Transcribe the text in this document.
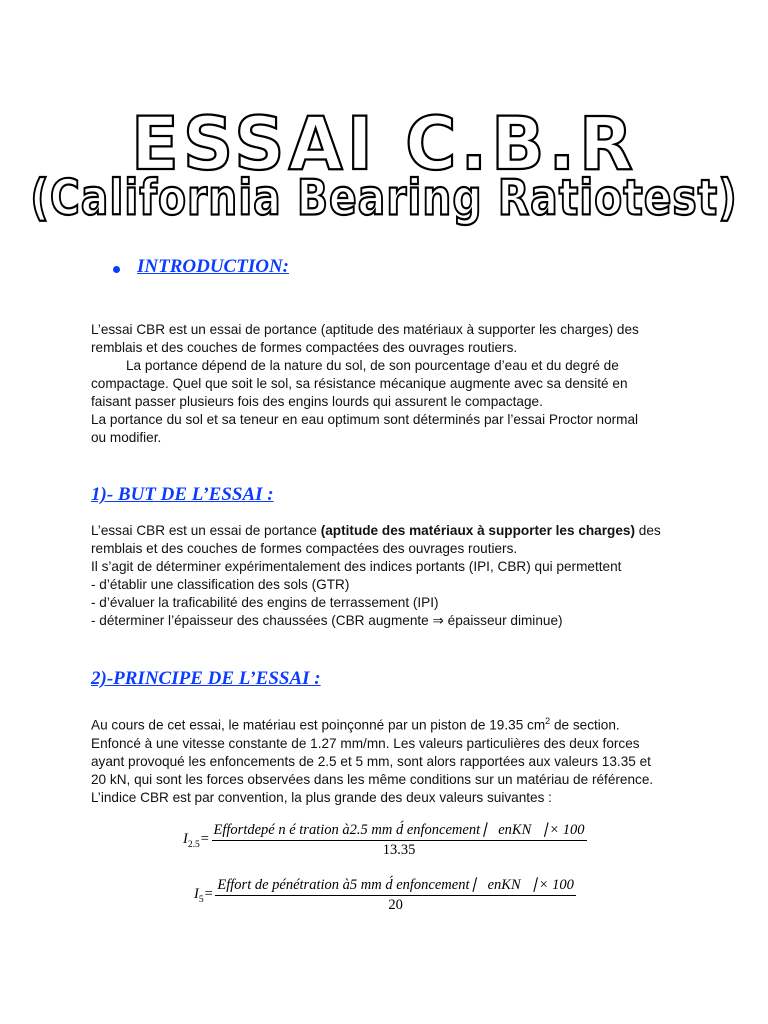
ESSAI C.B.R
(California Bearing Ratiotest)
INTRODUCTION:
L’essai CBR est un essai de portance (aptitude des matériaux à supporter les charges) des
remblais et des couches de formes compactées des ouvrages routiers.
La portance dépend de la nature du sol, de son pourcentage d’eau et du degré de
compactage. Quel que soit le sol, sa résistance mécanique augmente avec sa densité en
faisant passer plusieurs fois des engins lourds qui assurent le compactage.
La portance du sol et sa teneur en eau optimum sont déterminés par l’essai Proctor normal
ou modifier.
1)- BUT DE L’ESSAI :
L’essai CBR est un essai de portance (aptitude des matériaux à supporter les charges) des
remblais et des couches de formes compactées des ouvrages routiers.
Il s’agit de déterminer expérimentalement des indices portants (IPI, CBR) qui permettent
- d’établir une classification des sols (GTR)
- d’évaluer la traficabilité des engins de terrassement (IPI)
- déterminer l’épaisseur des chaussées (CBR augmente ⇒ épaisseur diminue)
2)-PRINCIPE DE L’ESSAI :
Au cours de cet essai, le matériau est poinçonné par un piston de 19.35 $cm^2$ de section.
Enfoncé à une vitesse constante de 1.27 mm/mn. Les valeurs particulières des deux forces
ayant provoqué les enfoncements de 2.5 et 5 mm, sont alors rapportées aux valeurs 13.35 et
20 kN, qui sont les forces observées dans les même conditions sur un matériau de référence.
L’indice CBR est par convention, la plus grande des deux valeurs suivantes :
$I_{2.5}= \frac{\text{Effortdepé n é tration à2.5 mm d́ enfoncement ⎸enKN⎹ × 100}}{13.35}$
$I_5= \frac{\text{Effort de pénétration à5 mm d́ enfoncement ⎸enKN⎹ × 100}}{20}$
